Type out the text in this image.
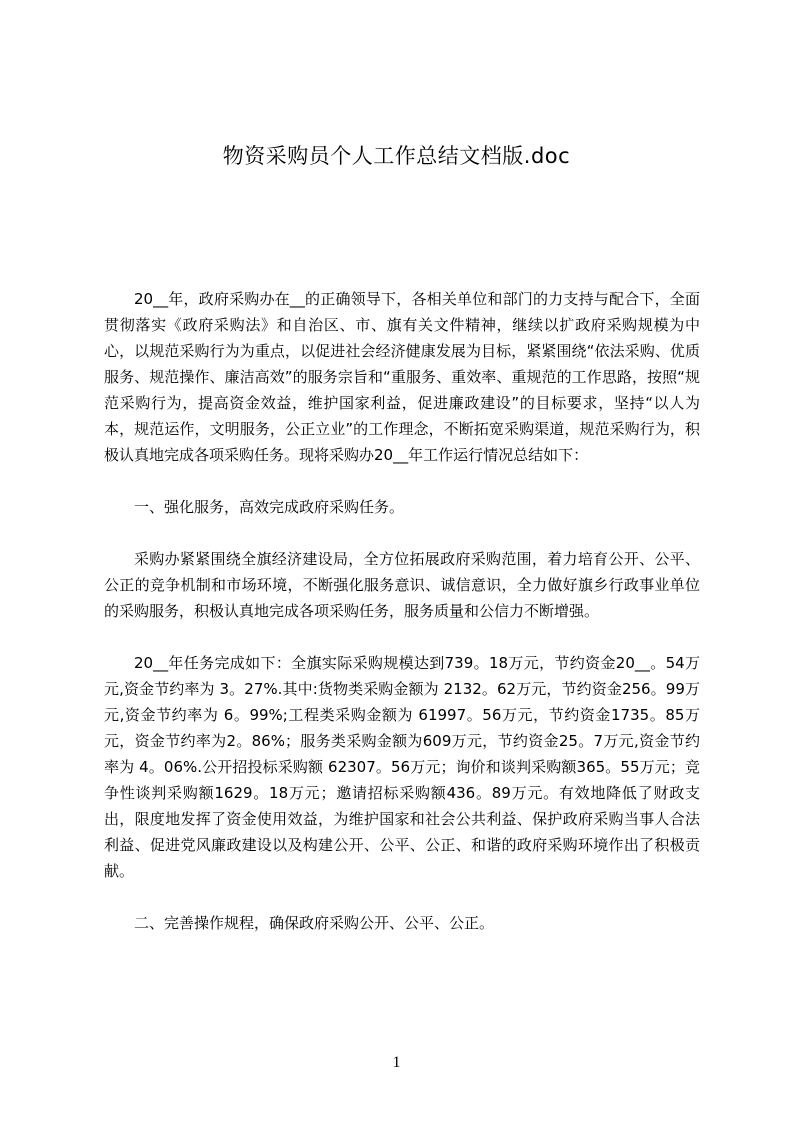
物资采购员个人工作总结文档版.doc

20__年，政府采购办在__的正确领导下，各相关单位和部门的力支持与配合下，全面贯彻落实《政府采购法》和自治区、市、旗有关文件精神，继续以扩政府采购规模为中心，以规范采购行为为重点，以促进社会经济健康发展为目标，紧紧围绕“依法采购、优质服务、规范操作、廉洁高效”的服务宗旨和“重服务、重效率、重规范的工作思路，按照“规范采购行为，提高资金效益，维护国家利益，促进廉政建设”的目标要求，坚持“以人为本，规范运作，文明服务，公正立业”的工作理念，不断拓宽采购渠道，规范采购行为，积极认真地完成各项采购任务。现将采购办20__年工作运行情况总结如下：

一、强化服务，高效完成政府采购任务。

采购办紧紧围绕全旗经济建设局，全方位拓展政府采购范围，着力培育公开、公平、公正的竞争机制和市场环境，不断强化服务意识、诚信意识，全力做好旗乡行政事业单位的采购服务，积极认真地完成各项采购任务，服务质量和公信力不断增强。

20__年任务完成如下：全旗实际采购规模达到739。18万元，节约资金20__。54万元,资金节约率为 3。27%.其中:货物类采购金额为 2132。62万元，节约资金256。99万元,资金节约率为 6。99%;工程类采购金额为 61997。56万元，节约资金1735。85万元，资金节约率为2。86%；服务类采购金额为609万元，节约资金25。7万元,资金节约率为 4。06%.公开招投标采购额 62307。56万元；询价和谈判采购额365。55万元；竞争性谈判采购额1629。18万元；邀请招标采购额436。89万元。有效地降低了财政支出，限度地发挥了资金使用效益，为维护国家和社会公共利益、保护政府采购当事人合法利益、促进党风廉政建设以及构建公开、公平、公正、和谐的政府采购环境作出了积极贡献。

二、完善操作规程，确保政府采购公开、公平、公正。

1
